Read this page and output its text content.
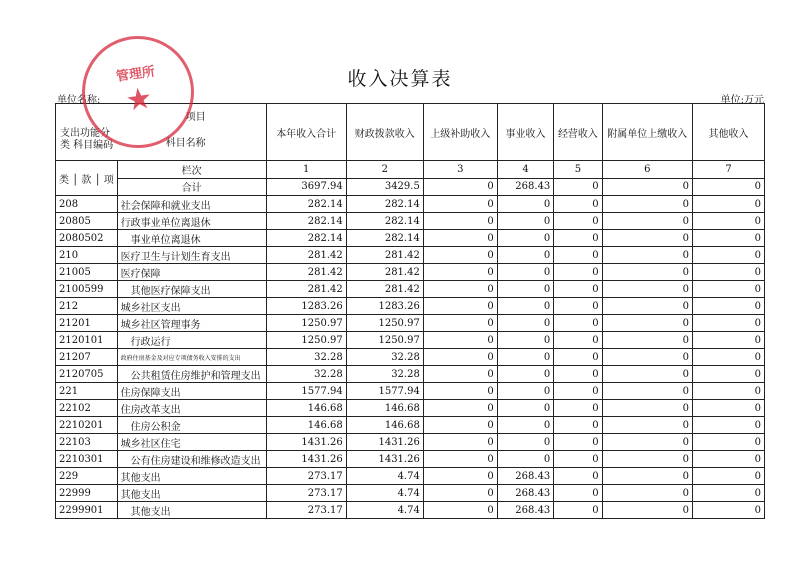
收入决算表
单位名称:	单位:万元
项目
支出功能分
类 科目编码 科目名称		本年收入合计	财政拨款收入	上级补助收入	事业收入	经营收入	附属单位上缴收入	其他收入
类 │ 款 │ 项	栏次	1	2	3	4	5	6	7
	合计	3697.94	3429.5	0	268.43	0	0	0
208	社会保障和就业支出	282.14	282.14	0	0	0	0	0
20805	行政事业单位离退休	282.14	282.14	0	0	0	0	0
2080502	事业单位离退休	282.14	282.14	0	0	0	0	0
210	医疗卫生与计划生育支出	281.42	281.42	0	0	0	0	0
21005	医疗保障	281.42	281.42	0	0	0	0	0
2100599	其他医疗保障支出	281.42	281.42	0	0	0	0	0
212	城乡社区支出	1283.26	1283.26	0	0	0	0	0
21201	城乡社区管理事务	1250.97	1250.97	0	0	0	0	0
2120101	行政运行	1250.97	1250.97	0	0	0	0	0
21207	政府住房基金及对应专项债务收入安排的支出	32.28	32.28	0	0	0	0	0
2120705	公共租赁住房维护和管理支出	32.28	32.28	0	0	0	0	0
221	住房保障支出	1577.94	1577.94	0	0	0	0	0
22102	住房改革支出	146.68	146.68	0	0	0	0	0
2210201	住房公积金	146.68	146.68	0	0	0	0	0
22103	城乡社区住宅	1431.26	1431.26	0	0	0	0	0
2210301	公有住房建设和维修改造支出	1431.26	1431.26	0	0	0	0	0
229	其他支出	273.17	4.74	0	268.43	0	0	0
22999	其他支出	273.17	4.74	0	268.43	0	0	0
2299901	其他支出	273.17	4.74	0	268.43	0	0	0
管理所
★
